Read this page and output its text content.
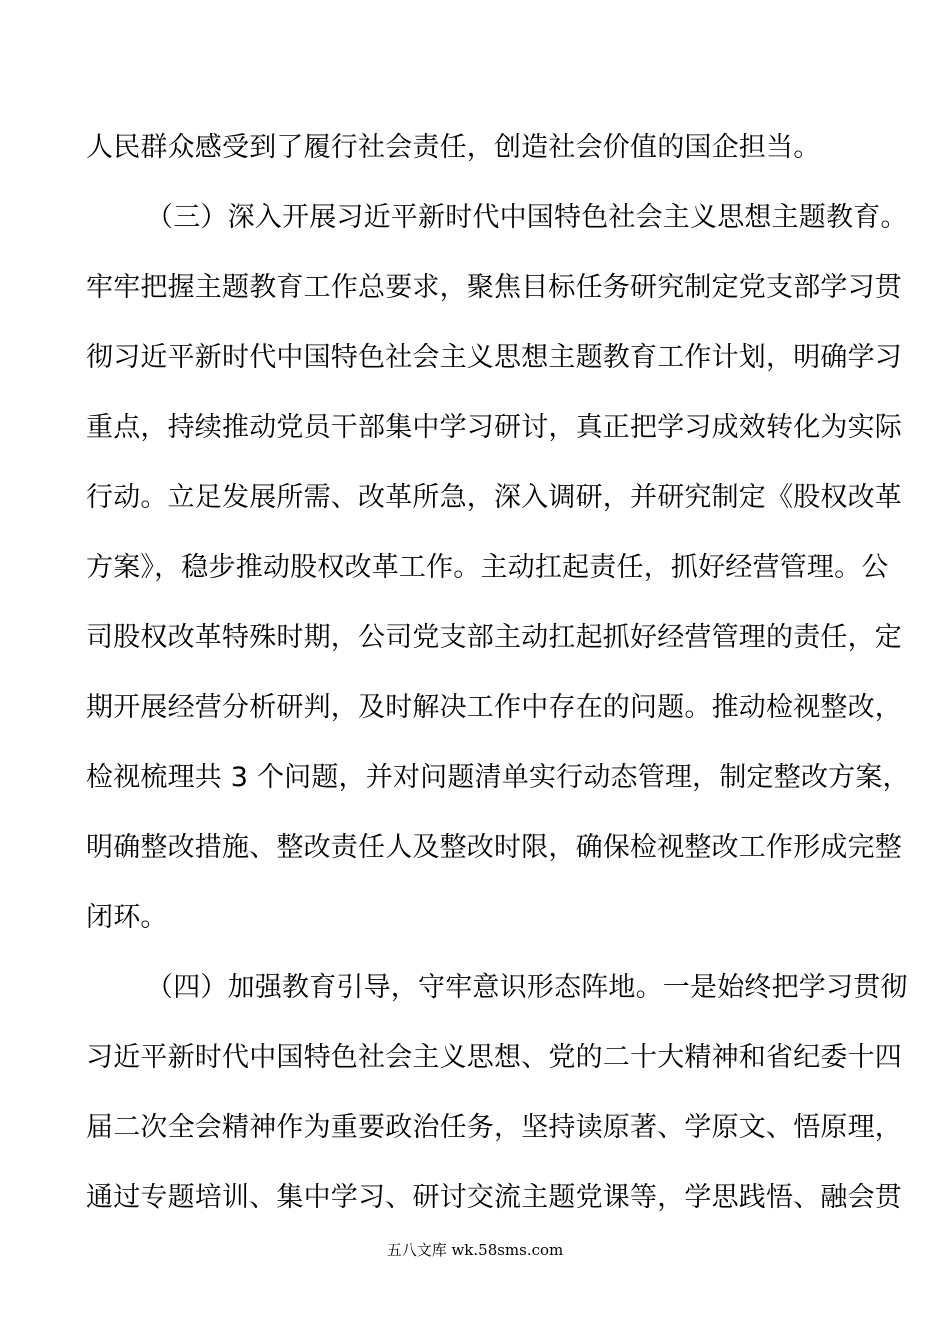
人民群众感受到了履行社会责任，创造社会价值的国企担当。
（三）深入开展习近平新时代中国特色社会主义思想主题教育。
牢牢把握主题教育工作总要求，聚焦目标任务研究制定党支部学习贯
彻习近平新时代中国特色社会主义思想主题教育工作计划，明确学习
重点，持续推动党员干部集中学习研讨，真正把学习成效转化为实际
行动。立足发展所需、改革所急，深入调研，并研究制定《股权改革
方案》，稳步推动股权改革工作。主动扛起责任，抓好经营管理。公
司股权改革特殊时期，公司党支部主动扛起抓好经营管理的责任，定
期开展经营分析研判，及时解决工作中存在的问题。推动检视整改，
检视梳理共 3 个问题，并对问题清单实行动态管理，制定整改方案，
明确整改措施、整改责任人及整改时限，确保检视整改工作形成完整
闭环。
（四）加强教育引导，守牢意识形态阵地。一是始终把学习贯彻
习近平新时代中国特色社会主义思想、党的二十大精神和省纪委十四
届二次全会精神作为重要政治任务，坚持读原著、学原文、悟原理，
通过专题培训、集中学习、研讨交流主题党课等，学思践悟、融会贯
五八文库 wk.58sms.com
